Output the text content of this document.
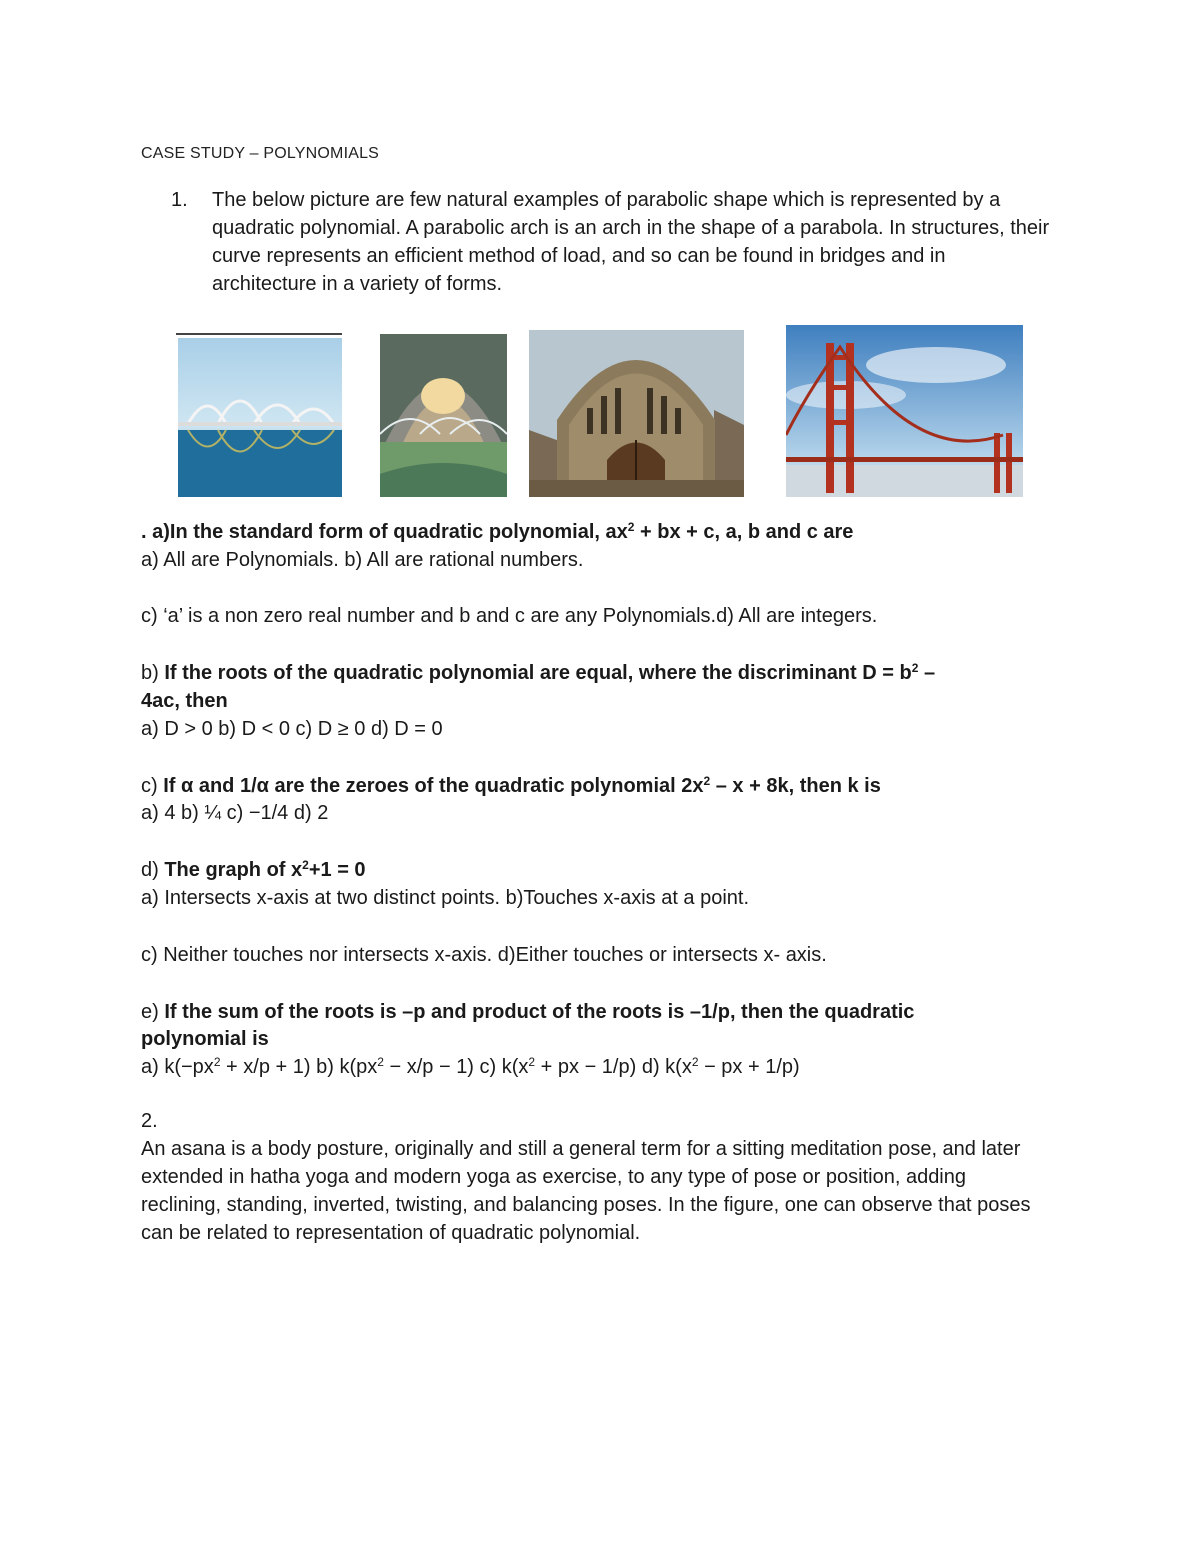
CASE STUDY – POLYNOMIALS
1. The below picture are few natural examples of parabolic shape which is represented by a quadratic polynomial. A parabolic arch is an arch in the shape of a parabola. In structures, their curve represents an efficient method of load, and so can be found in bridges and in architecture in a variety of forms.
. a)In the standard form of quadratic polynomial, $ax^2$ + bx + c, a, b and c are
a) All are Polynomials. b) All are rational numbers.
c) ‘a’ is a non zero real number and b and c are any Polynomials.d) All are integers.
b) If the roots of the quadratic polynomial are equal, where the discriminant $D = b^2$ –
4ac, then
a) D > 0 b) D < 0 c) D ≥ 0 d) D = 0
c) If α and 1/α are the zeroes of the quadratic polynomial $2x^2 - x + 8k$, then k is
a) 4 b) ¼ c) −1/4 d) 2
d) The graph of $x^2+1 = 0$
a) Intersects x-axis at two distinct points. b)Touches x-axis at a point.
c) Neither touches nor intersects x-axis. d)Either touches or intersects x- axis.
e) If the sum of the roots is –p and product of the roots is –1/p, then the quadratic
polynomial is
a) $k(-px^2 + x/p + 1)$ b) $k(px^2 - x/p - 1)$ c) $k(x^2$ + px − 1/p) d) $k(x^2$ − px + 1/p)
2.
An asana is a body posture, originally and still a general term for a sitting meditation pose, and later extended in hatha yoga and modern yoga as exercise, to any type of pose or position, adding reclining, standing, inverted, twisting, and balancing poses. In the figure, one can observe that poses can be related to representation of quadratic polynomial.
